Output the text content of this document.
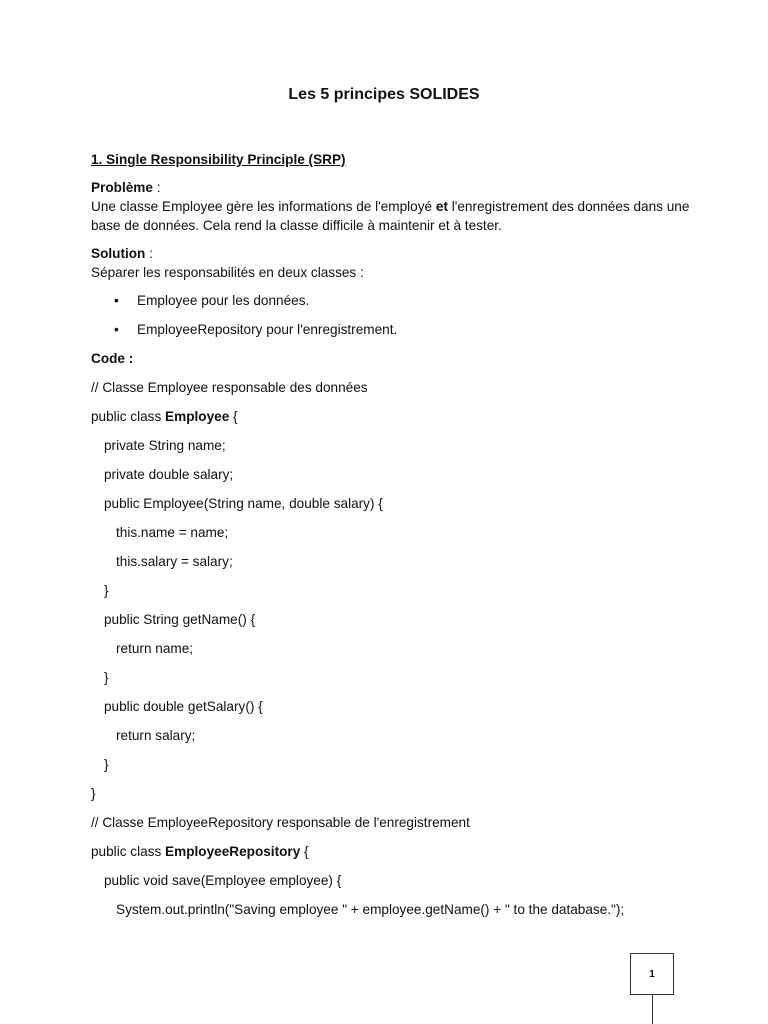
Les 5 principes SOLIDES
1. Single Responsibility Principle (SRP)
Problème :
Une classe Employee gère les informations de l'employé et l'enregistrement des données dans une base de données. Cela rend la classe difficile à maintenir et à tester.
Solution :
Séparer les responsabilités en deux classes :
• Employee pour les données.
• EmployeeRepository pour l'enregistrement.
Code :
// Classe Employee responsable des données
public class Employee {
private String name;
private double salary;
public Employee(String name, double salary) {
this.name = name;
this.salary = salary;
}
public String getName() {
return name;
}
public double getSalary() {
return salary;
}
}
// Classe EmployeeRepository responsable de l'enregistrement
public class EmployeeRepository {
public void save(Employee employee) {
System.out.println("Saving employee " + employee.getName() + " to the database.");
1
